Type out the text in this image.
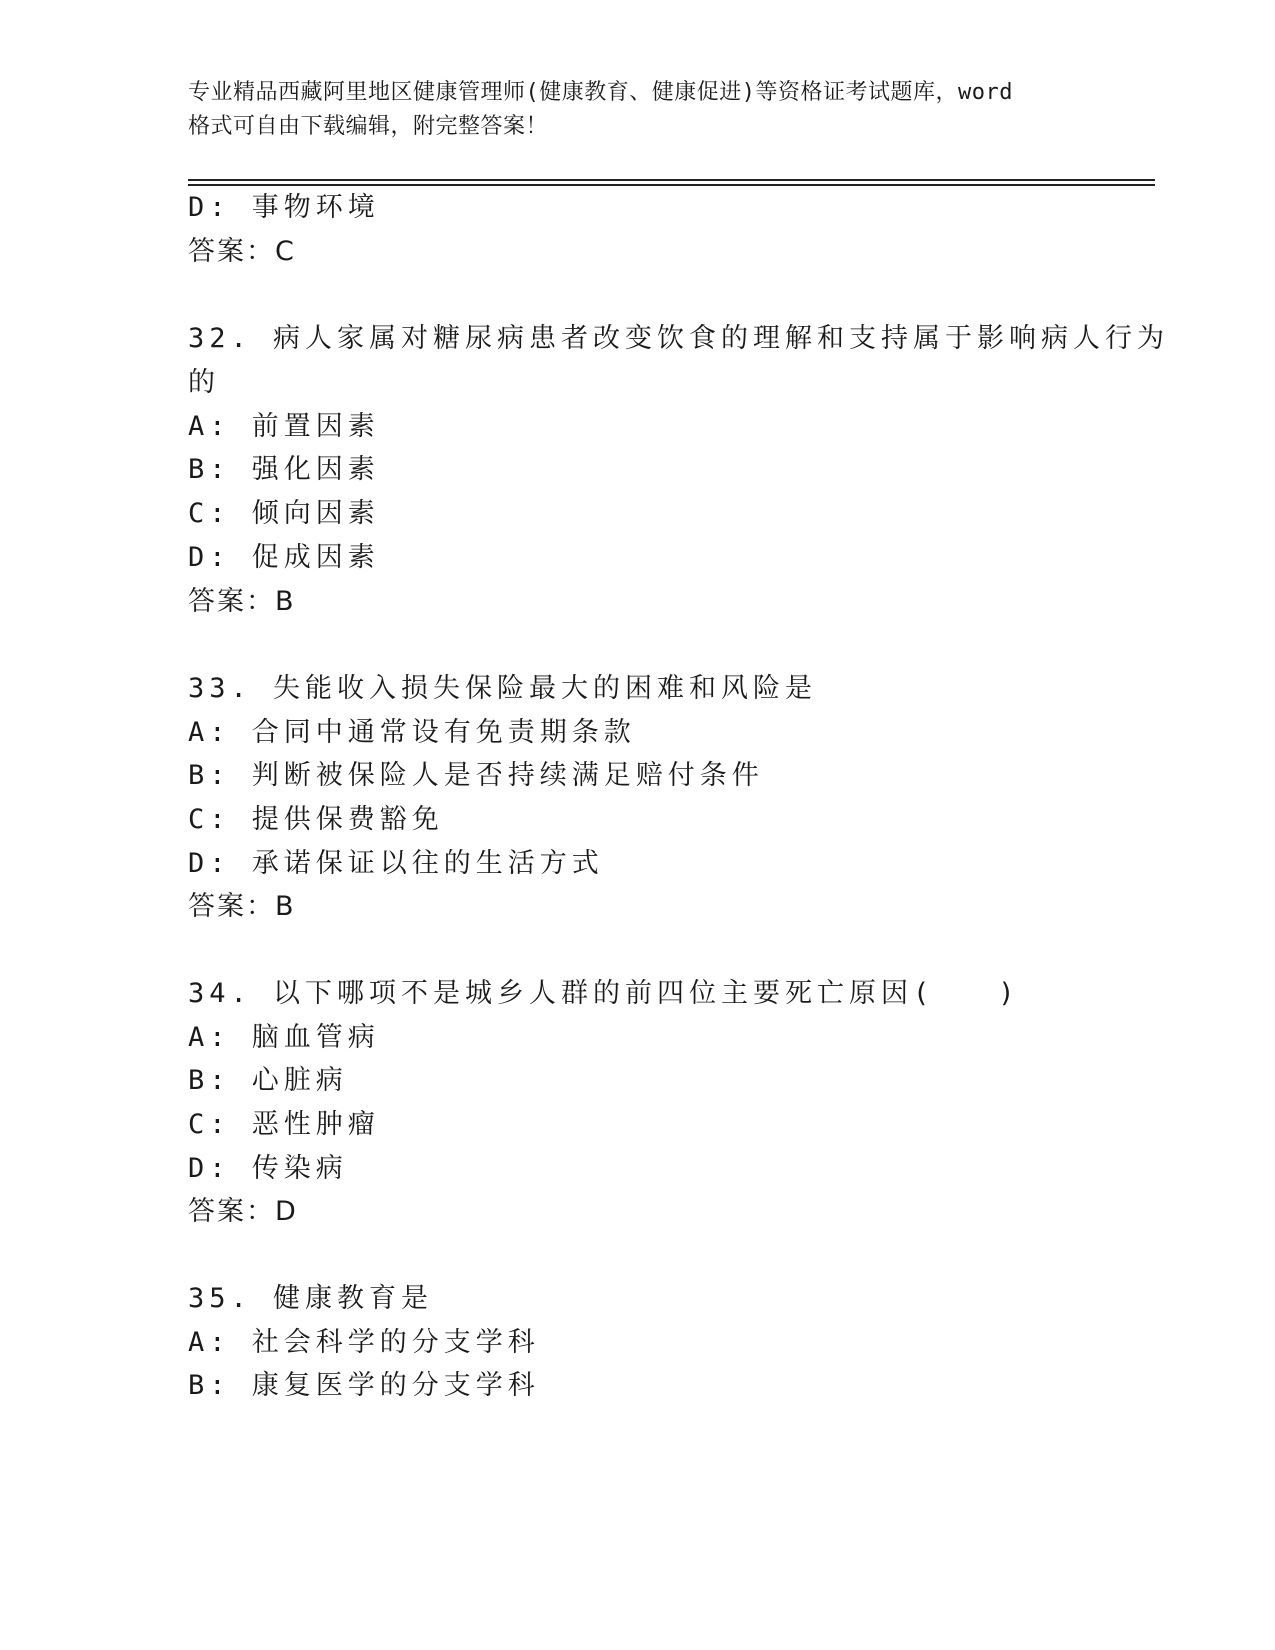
专业精品西藏阿里地区健康管理师(健康教育、健康促进)等资格证考试题库，word
格式可自由下载编辑，附完整答案！
D: 事物环境
答案：C
32. 病人家属对糖尿病患者改变饮食的理解和支持属于影响病人行为
的
A: 前置因素
B: 强化因素
C: 倾向因素
D: 促成因素
答案：B
33. 失能收入损失保险最大的困难和风险是
A: 合同中通常设有免责期条款
B: 判断被保险人是否持续满足赔付条件
C: 提供保费豁免
D: 承诺保证以往的生活方式
答案：B
34. 以下哪项不是城乡人群的前四位主要死亡原因(　　)
A: 脑血管病
B: 心脏病
C: 恶性肿瘤
D: 传染病
答案：D
35. 健康教育是
A: 社会科学的分支学科
B: 康复医学的分支学科
